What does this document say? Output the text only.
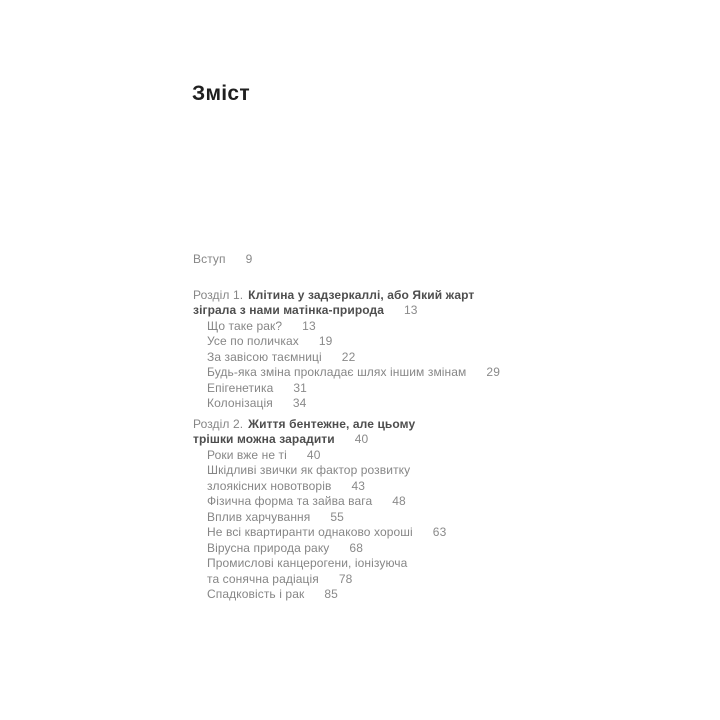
Зміст
Вступ 9
Розділ 1. Клітина у задзеркаллі, або Який жарт
зіграла з нами матінка-природа 13
Що таке рак? 13
Усе по поличках 19
За завісою таємниці 22
Будь-яка зміна прокладає шлях іншим змінам 29
Епігенетика 31
Колонізація 34
Розділ 2. Життя бентежне, але цьому
трішки можна зарадити 40
Роки вже не ті 40
Шкідливі звички як фактор розвитку
злоякісних новотворів 43
Фізична форма та зайва вага 48
Вплив харчування 55
Не всі квартиранти однаково хороші 63
Вірусна природа раку 68
Промислові канцерогени, іонізуюча
та сонячна радіація 78
Спадковість і рак 85
